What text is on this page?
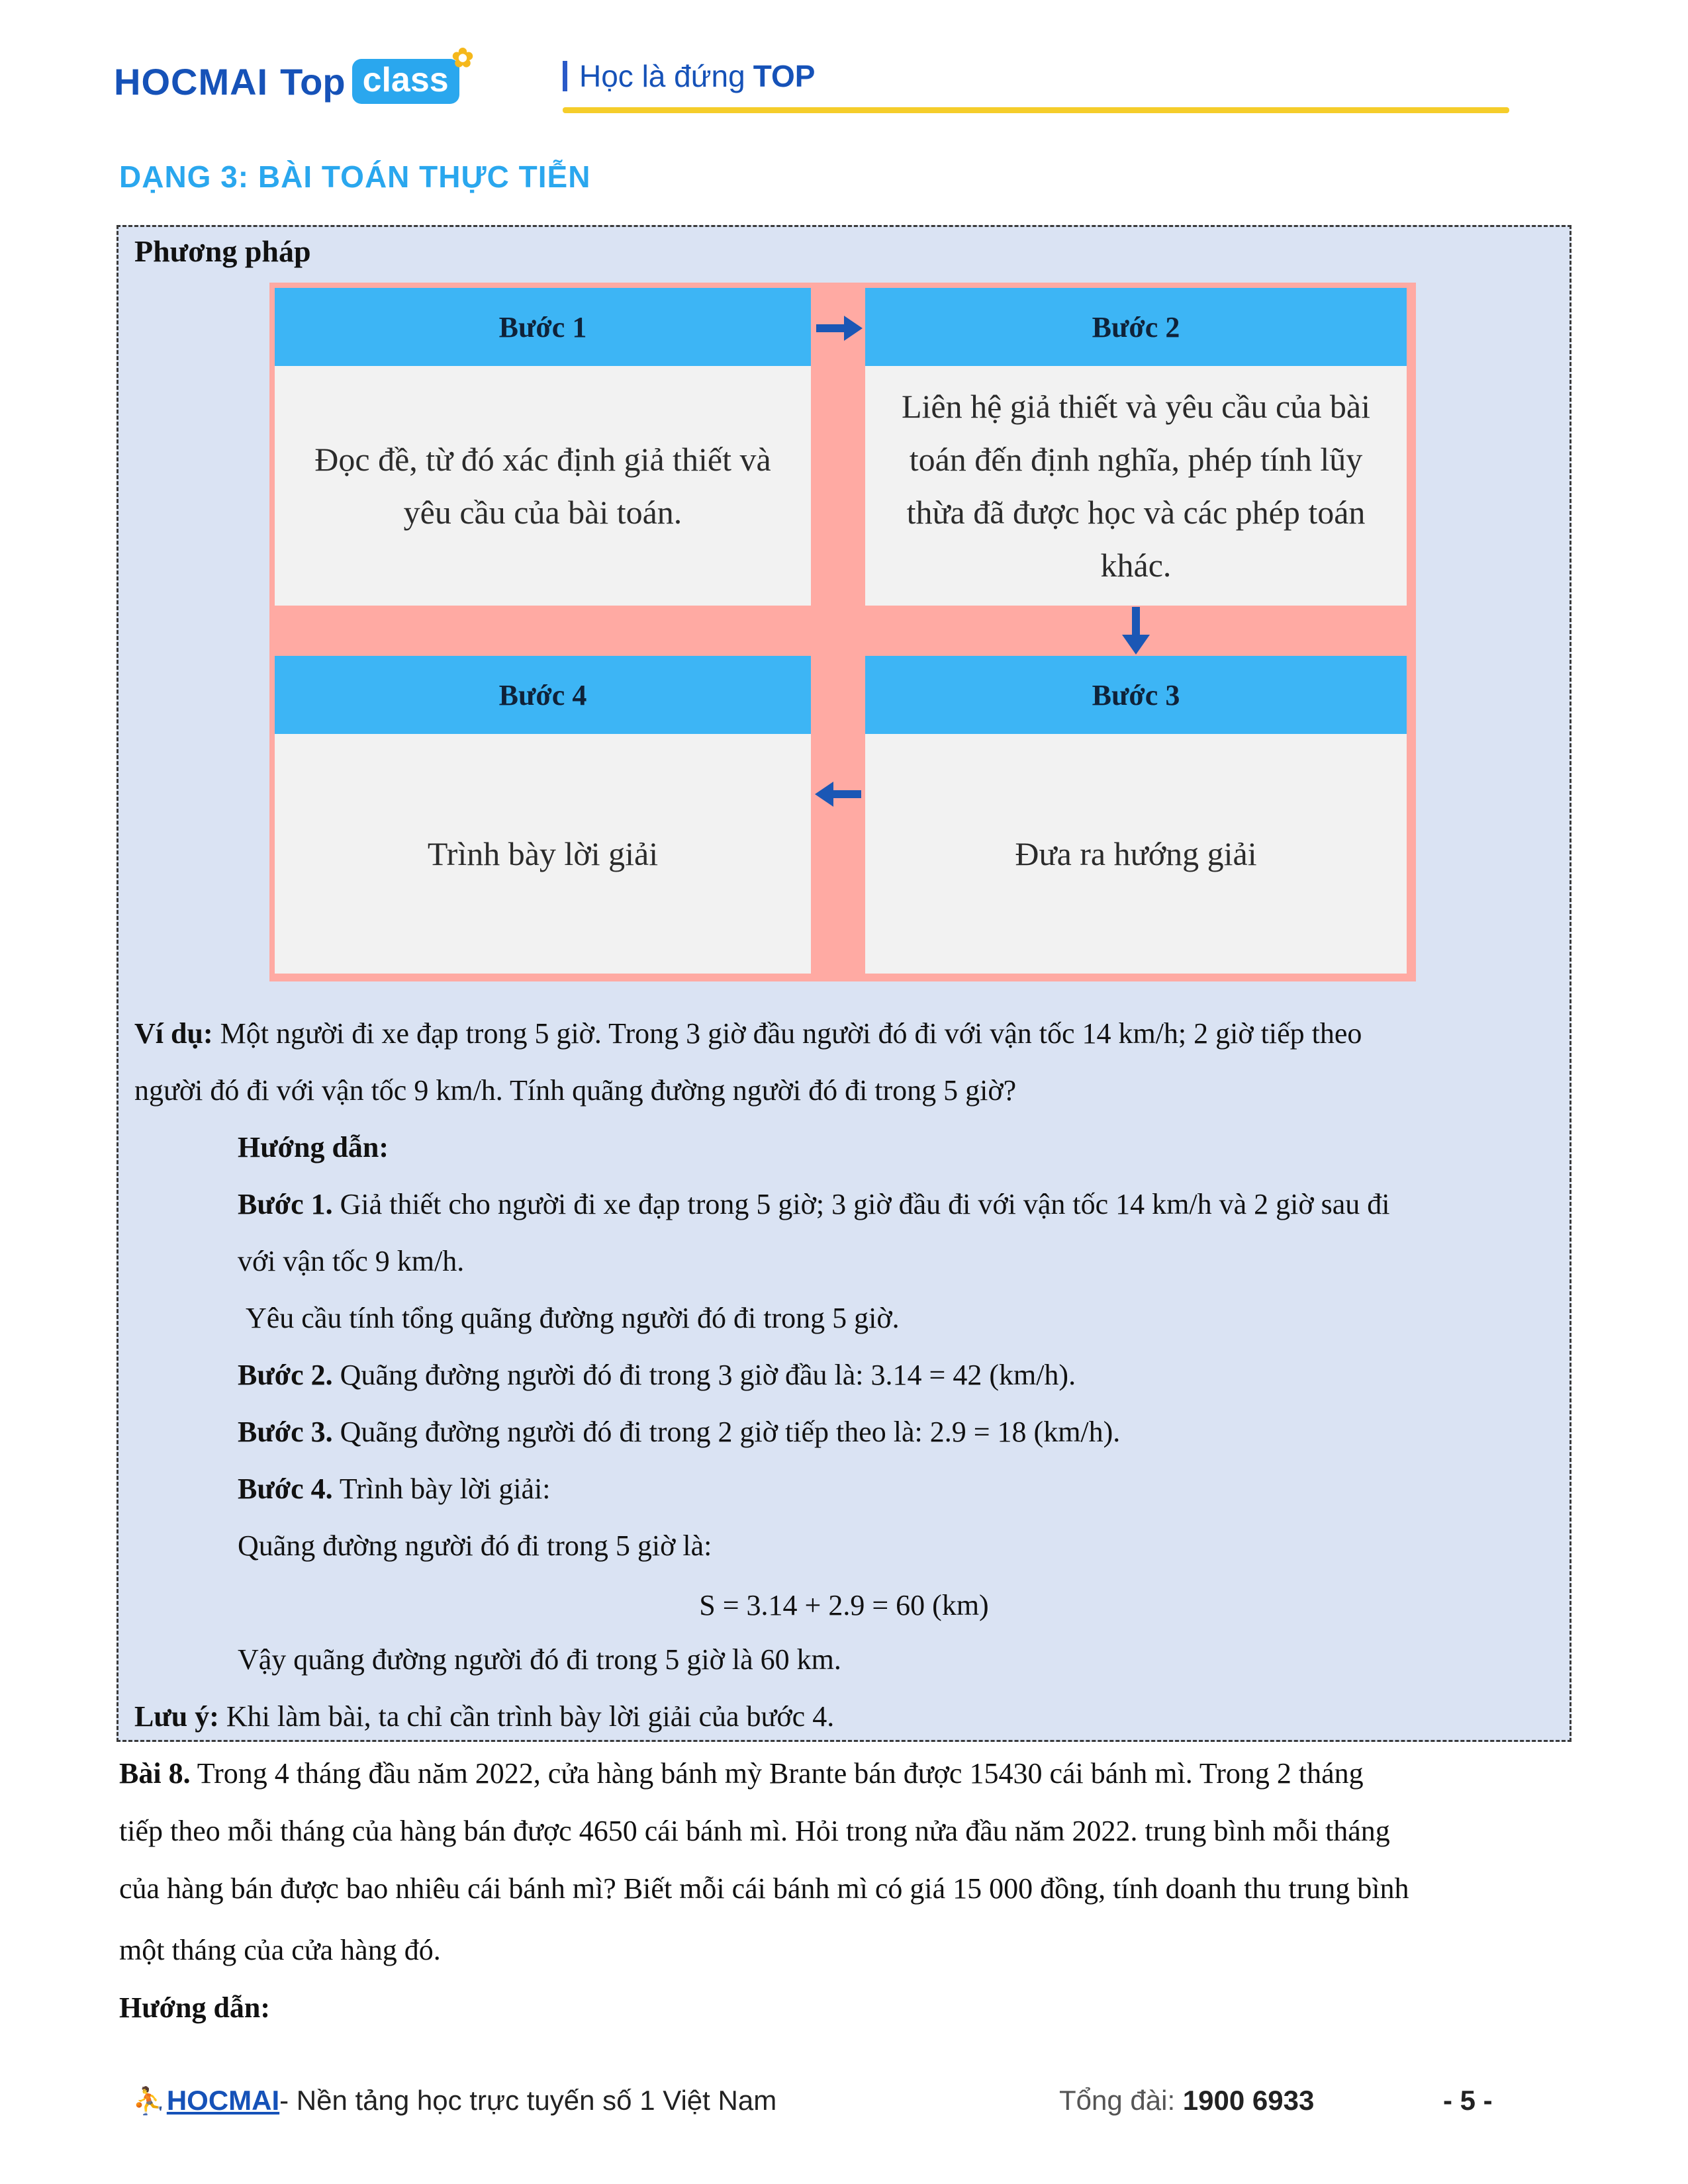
HOCMAI Top class
✿
Học là đứng TOP
DẠNG 3: BÀI TOÁN THỰC TIỄN
Phương pháp
Bước 1
Đọc đề, từ đó xác định giả thiết và yêu cầu của bài toán.
Bước 2
Liên hệ giả thiết và yêu cầu của bài toán đến định nghĩa, phép tính lũy thừa đã được học và các phép toán khác.
Bước 4
Trình bày lời giải
Bước 3
Đưa ra hướng giải
Ví dụ: Một người đi xe đạp trong 5 giờ. Trong 3 giờ đầu người đó đi với vận tốc 14 km/h; 2 giờ tiếp theo
người đó đi với vận tốc 9 km/h. Tính quãng đường người đó đi trong 5 giờ?
Hướng dẫn:
Bước 1. Giả thiết cho người đi xe đạp trong 5 giờ; 3 giờ đầu đi với vận tốc 14 km/h và 2 giờ sau đi
với vận tốc 9 km/h.
Yêu cầu tính tổng quãng đường người đó đi trong 5 giờ.
Bước 2. Quãng đường người đó đi trong 3 giờ đầu là: 3.14 = 42 (km/h).
Bước 3. Quãng đường người đó đi trong 2 giờ tiếp theo là: 2.9 = 18 (km/h).
Bước 4. Trình bày lời giải:
Quãng đường người đó đi trong 5 giờ là:
S = 3.14 + 2.9 = 60 (km)
Vậy quãng đường người đó đi trong 5 giờ là 60 km.
Lưu ý: Khi làm bài, ta chỉ cần trình bày lời giải của bước 4.
Bài 8. Trong 4 tháng đầu năm 2022, cửa hàng bánh mỳ Brante bán được 15430 cái bánh mì. Trong 2 tháng
tiếp theo mỗi tháng của hàng bán được 4650 cái bánh mì. Hỏi trong nửa đầu năm 2022. trung bình mỗi tháng
của hàng bán được bao nhiêu cái bánh mì? Biết mỗi cái bánh mì có giá 15 000 đồng, tính doanh thu trung bình
một tháng của cửa hàng đó.
Hướng dẫn:
⛹ HOCMAI - Nền tảng học trực tuyến số 1 Việt Nam	Tổng đài: 1900 6933	- 5 -
